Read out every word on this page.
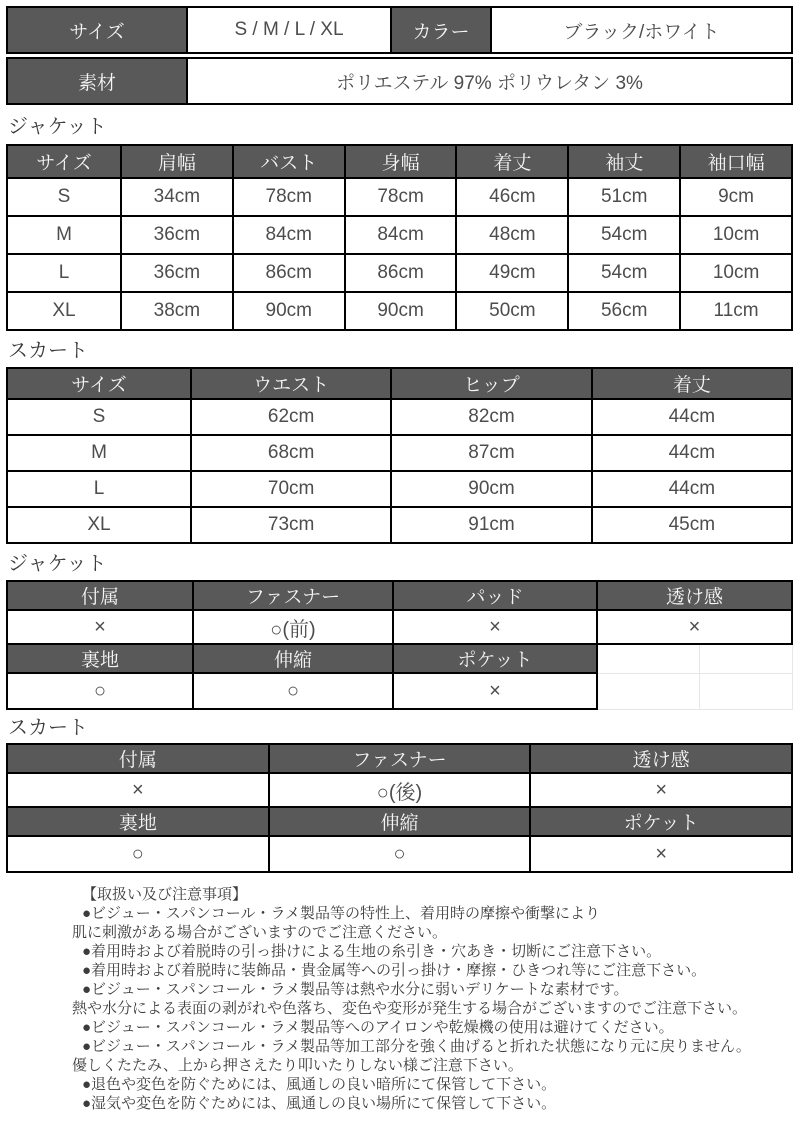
サイズ	S / M / L / XL	カラー	ブラック/ホワイト
素材	ポリエステル 97% ポリウレタン 3%
ジャケット
サイズ	肩幅	バスト	身幅	着丈	袖丈	袖口幅
S	34cm	78cm	78cm	46cm	51cm	9cm
M	36cm	84cm	84cm	48cm	54cm	10cm
L	36cm	86cm	86cm	49cm	54cm	10cm
XL	38cm	90cm	90cm	50cm	56cm	11cm
スカート
サイズ	ウエスト	ヒップ	着丈
S	62cm	82cm	44cm
M	68cm	87cm	44cm
L	70cm	90cm	44cm
XL	73cm	91cm	45cm
ジャケット
付属	ファスナー	パッド	透け感
×	○(前)	×	×
裏地	伸縮	ポケット	
○	○	×	
スカート
付属	ファスナー	透け感
×	○(後)	×
裏地	伸縮	ポケット
○	○	×
【取扱い及び注意事項】
●ビジュー・スパンコール・ラメ製品等の特性上、着用時の摩擦や衝撃により
肌に刺激がある場合がございますのでご注意ください。
●着用時および着脱時の引っ掛けによる生地の糸引き・穴あき・切断にご注意下さい。
●着用時および着脱時に装飾品・貴金属等への引っ掛け・摩擦・ひきつれ等にご注意下さい。
●ビジュー・スパンコール・ラメ製品等は熱や水分に弱いデリケートな素材です。
熱や水分による表面の剥がれや色落ち、変色や変形が発生する場合がございますのでご注意下さい。
●ビジュー・スパンコール・ラメ製品等へのアイロンや乾燥機の使用は避けてください。
●ビジュー・スパンコール・ラメ製品等加工部分を強く曲げると折れた状態になり元に戻りません。
優しくたたみ、上から押さえたり叩いたりしない様ご注意下さい。
●退色や変色を防ぐためには、風通しの良い暗所にて保管して下さい。
●湿気や変色を防ぐためには、風通しの良い場所にて保管して下さい。
